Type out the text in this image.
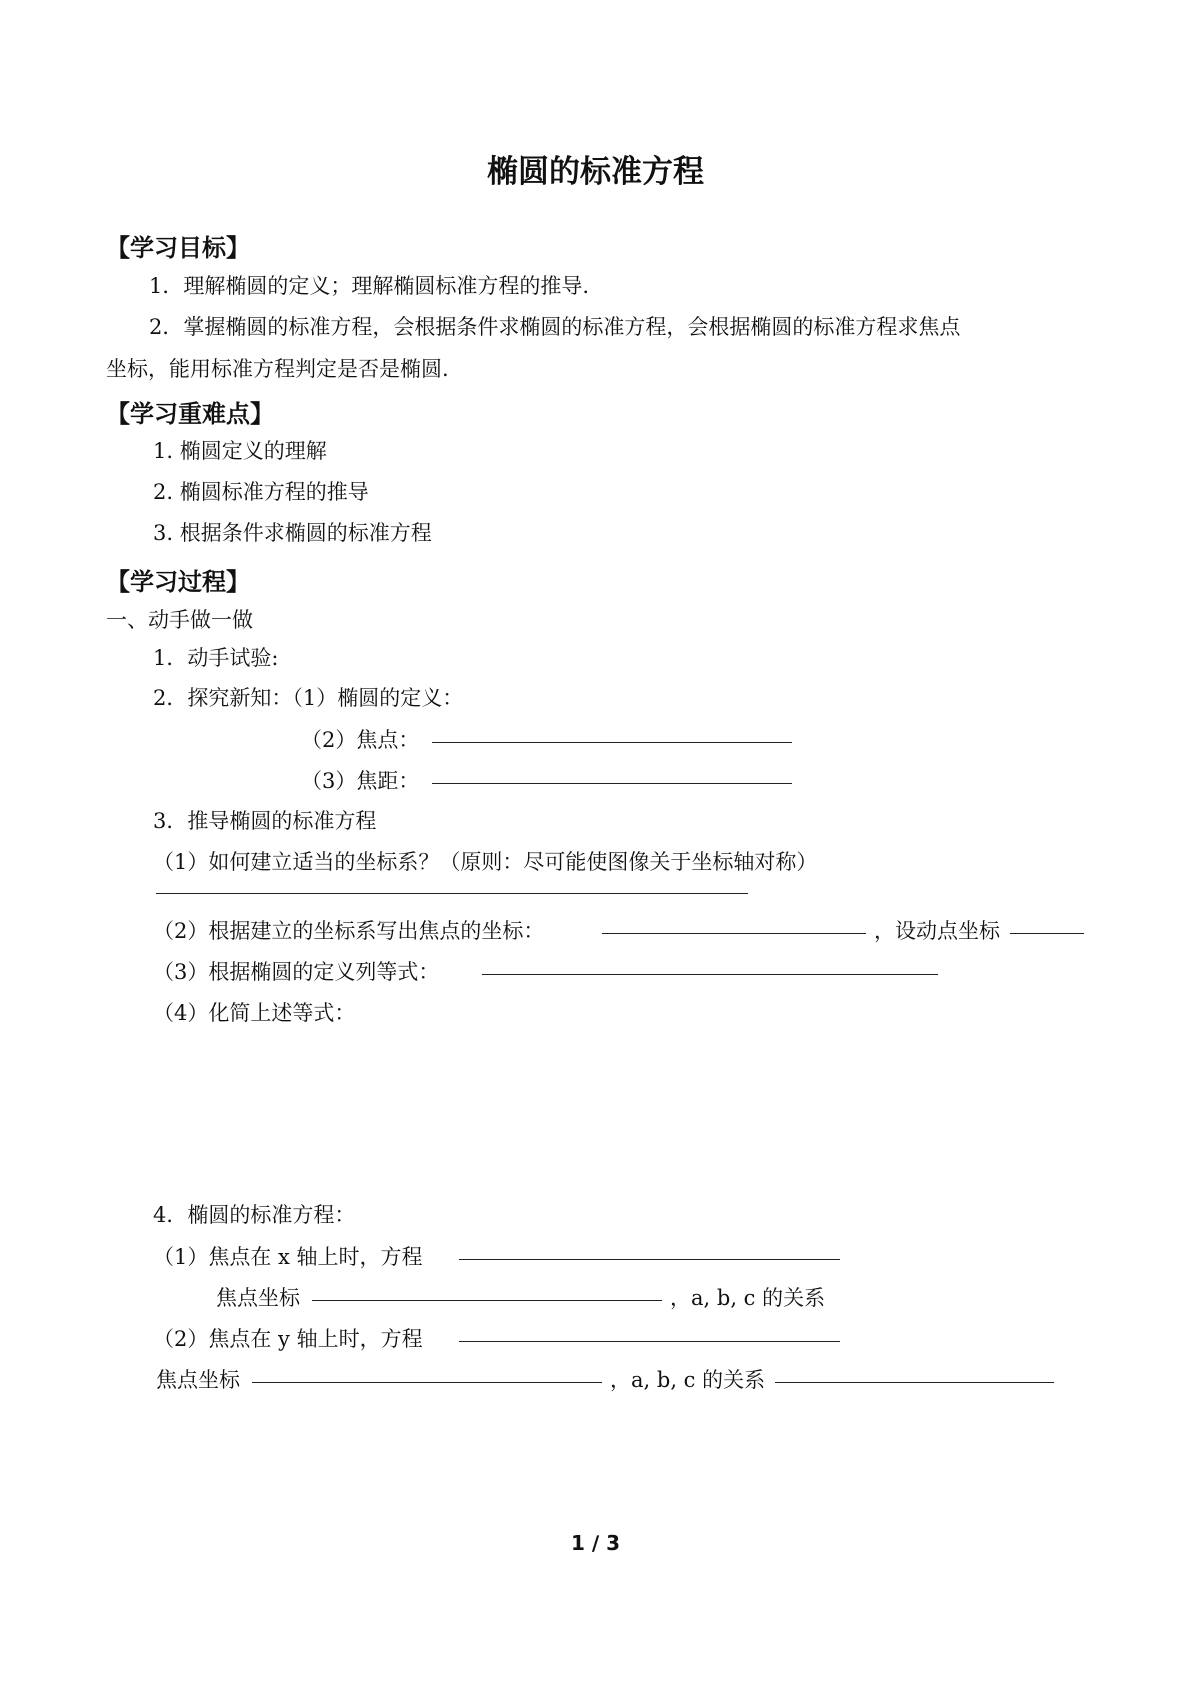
椭圆的标准方程
【学习目标】
1．理解椭圆的定义；理解椭圆标准方程的推导.
2．掌握椭圆的标准方程，会根据条件求椭圆的标准方程，会根据椭圆的标准方程求焦点
坐标，能用标准方程判定是否是椭圆.
【学习重难点】
1. 椭圆定义的理解
2. 椭圆标准方程的推导
3. 根据条件求椭圆的标准方程
【学习过程】
一、动手做一做
1．动手试验:
2．探究新知：（1）椭圆的定义：
（2）焦点：
（3）焦距：
3．推导椭圆的标准方程
（1）如何建立适当的坐标系？（原则：尽可能使图像关于坐标轴对称）
（2）根据建立的坐标系写出焦点的坐标：	，设动点坐标
（3）根据椭圆的定义列等式：
（4）化简上述等式：
4．椭圆的标准方程：
（1）焦点在 x 轴上时，方程
焦点坐标	，a, b, c 的关系
（2）焦点在 y 轴上时，方程
焦点坐标	，a, b, c 的关系
1 ∕ 3
